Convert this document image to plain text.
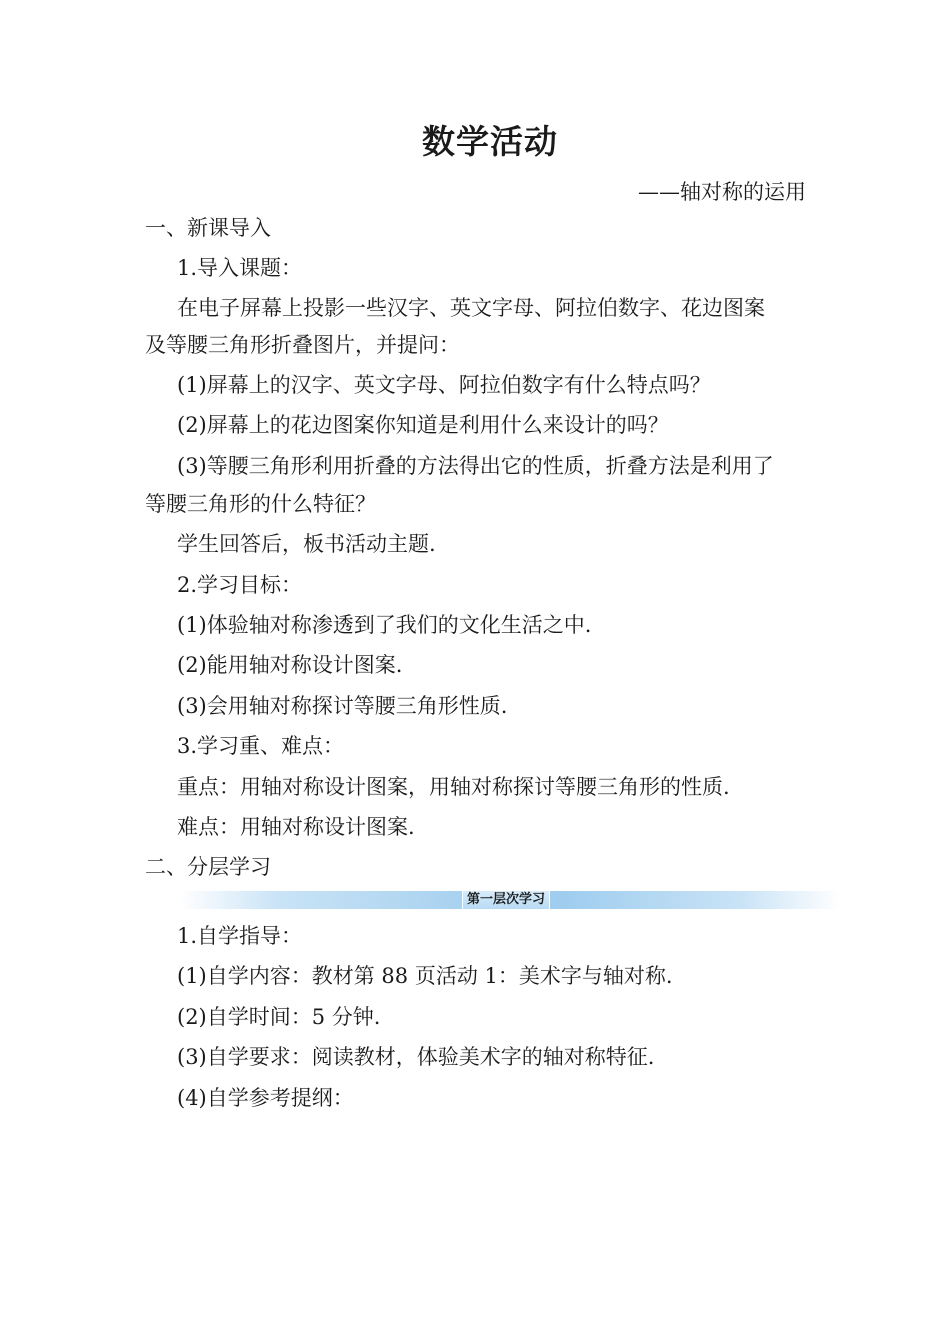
数学活动
——轴对称的运用
一、新课导入
1.导入课题：
在电子屏幕上投影一些汉字、英文字母、阿拉伯数字、花边图案
及等腰三角形折叠图片，并提问：
(1)屏幕上的汉字、英文字母、阿拉伯数字有什么特点吗？
(2)屏幕上的花边图案你知道是利用什么来设计的吗？
(3)等腰三角形利用折叠的方法得出它的性质，折叠方法是利用了
等腰三角形的什么特征？
学生回答后，板书活动主题.
2.学习目标：
(1)体验轴对称渗透到了我们的文化生活之中.
(2)能用轴对称设计图案.
(3)会用轴对称探讨等腰三角形性质.
3.学习重、难点：
重点：用轴对称设计图案，用轴对称探讨等腰三角形的性质.
难点：用轴对称设计图案.
二、分层学习
第一层次学习
1.自学指导：
(1)自学内容：教材第 88 页活动 1：美术字与轴对称.
(2)自学时间：5 分钟.
(3)自学要求：阅读教材，体验美术字的轴对称特征.
(4)自学参考提纲：
